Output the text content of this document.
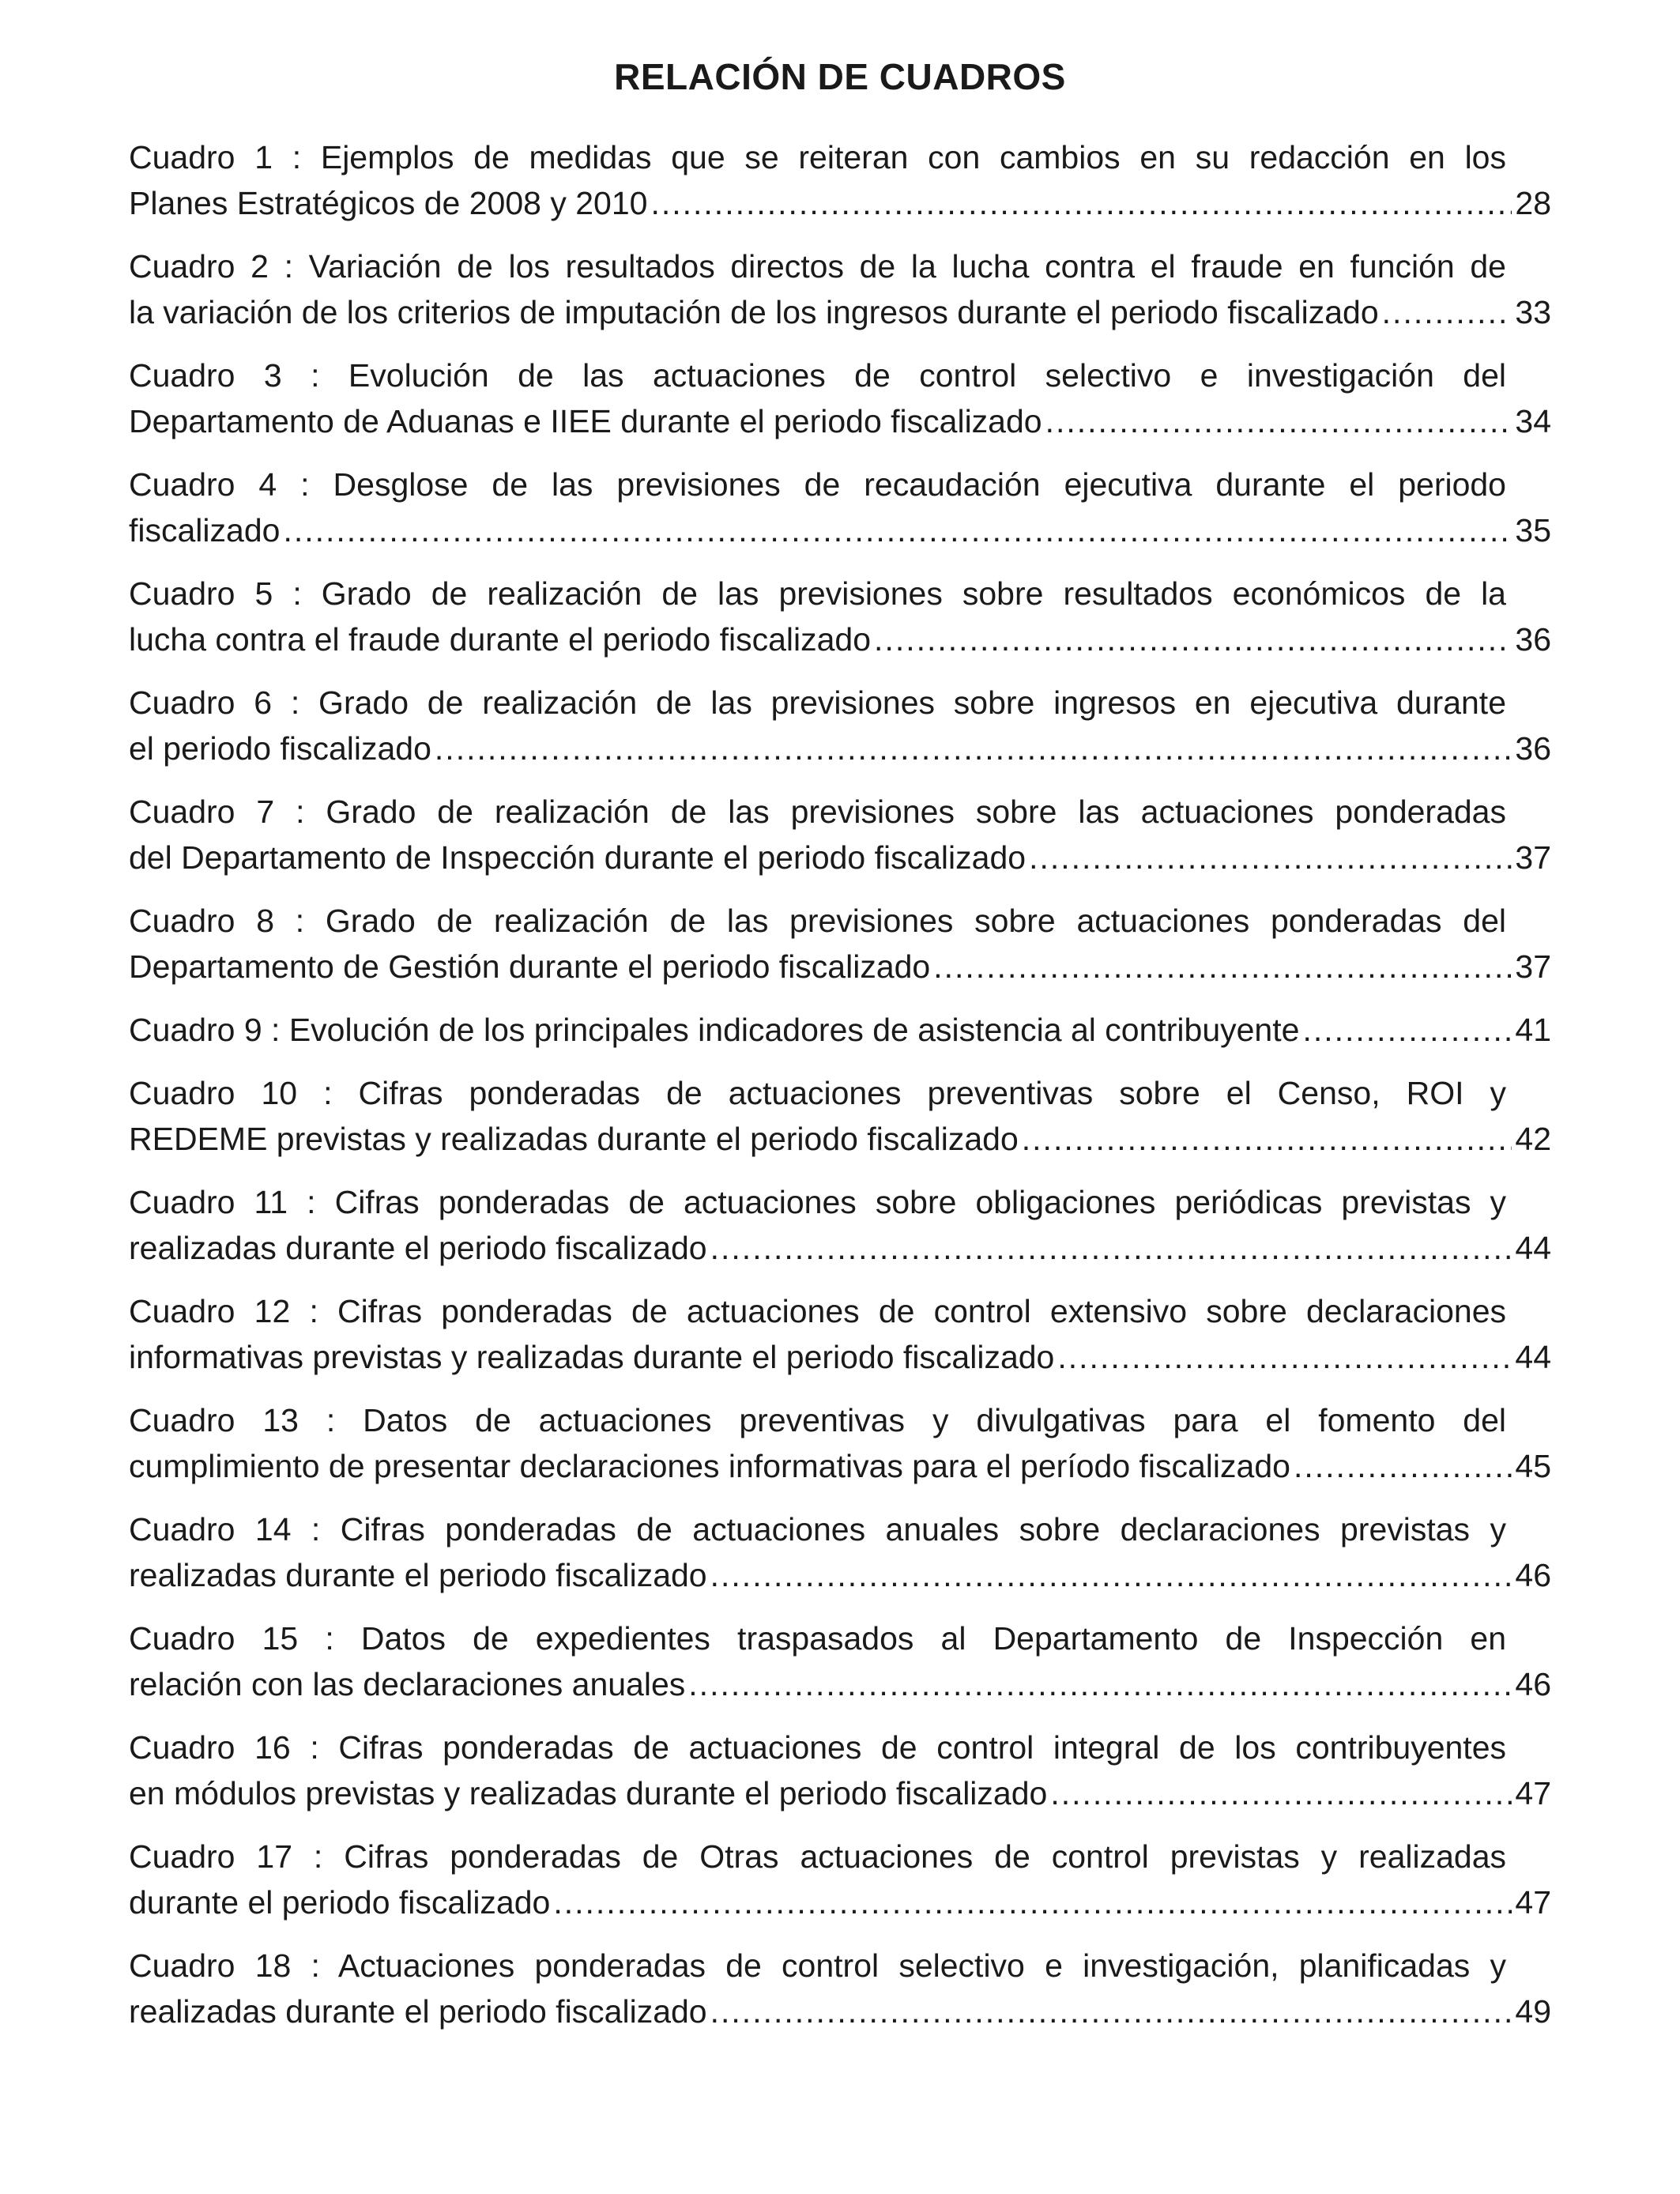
RELACIÓN DE CUADROS
Cuadro 1 : Ejemplos de medidas que se reiteran con cambios en su redacción en los
Planes Estratégicos de 2008 y 2010 .....	28
Cuadro 2 : Variación de los resultados directos de la lucha contra el fraude en función de
la variación de los criterios de imputación de los ingresos durante el periodo fiscalizado .....	33
Cuadro 3 : Evolución de las actuaciones de control selectivo e investigación del
Departamento de Aduanas e IIEE durante el periodo fiscalizado .....	34
Cuadro 4 : Desglose de las previsiones de recaudación ejecutiva durante el periodo
fiscalizado .....	35
Cuadro 5 : Grado de realización de las previsiones sobre resultados económicos de la
lucha contra el fraude durante el periodo fiscalizado .....	36
Cuadro 6 : Grado de realización de las previsiones sobre ingresos en ejecutiva durante
el periodo fiscalizado .....	36
Cuadro 7 : Grado de realización de las previsiones sobre las actuaciones ponderadas
del Departamento de Inspección durante el periodo fiscalizado .....	37
Cuadro 8 : Grado de realización de las previsiones sobre actuaciones ponderadas del
Departamento de Gestión durante el periodo fiscalizado .....	37
Cuadro 9 : Evolución de los principales indicadores de asistencia al contribuyente .....	41
Cuadro 10 : Cifras ponderadas de actuaciones preventivas sobre el Censo, ROI y
REDEME previstas y realizadas durante el periodo fiscalizado .....	42
Cuadro 11 : Cifras ponderadas de actuaciones sobre obligaciones periódicas previstas y
realizadas durante el periodo fiscalizado .....	44
Cuadro 12 : Cifras ponderadas de actuaciones de control extensivo sobre declaraciones
informativas previstas y realizadas durante el periodo fiscalizado .....	44
Cuadro 13 : Datos de actuaciones preventivas y divulgativas para el fomento del
cumplimiento de presentar declaraciones informativas para el período fiscalizado .....	45
Cuadro 14 : Cifras ponderadas de actuaciones anuales sobre declaraciones previstas y
realizadas durante el periodo fiscalizado .....	46
Cuadro 15 : Datos de expedientes traspasados al Departamento de Inspección en
relación con las declaraciones anuales .....	46
Cuadro 16 : Cifras ponderadas de actuaciones de control integral de los contribuyentes
en módulos previstas y realizadas durante el periodo fiscalizado .....	47
Cuadro 17 : Cifras ponderadas de Otras actuaciones de control previstas y realizadas
durante el periodo fiscalizado .....	47
Cuadro 18 : Actuaciones ponderadas de control selectivo e investigación, planificadas y
realizadas durante el periodo fiscalizado .....	49
